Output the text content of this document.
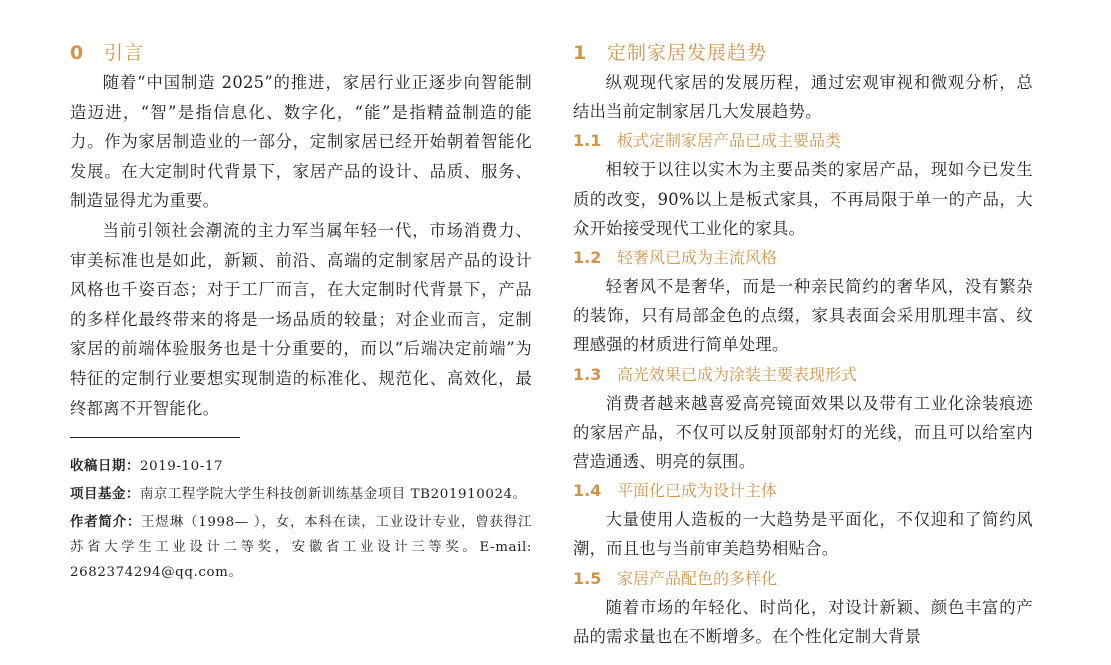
0 引言
随着“中国制造 2025”的推进，家居行业正逐步向智能制造迈进，“智”是指信息化、数字化，“能”是指精益制造的能力。作为家居制造业的一部分，定制家居已经开始朝着智能化发展。在大定制时代背景下，家居产品的设计、品质、服务、制造显得尤为重要。
当前引领社会潮流的主力军当属年轻一代，市场消费力、审美标准也是如此，新颖、前沿、高端的定制家居产品的设计风格也千姿百态；对于工厂而言，在大定制时代背景下，产品的多样化最终带来的将是一场品质的较量；对企业而言，定制家居的前端体验服务也是十分重要的，而以“后端决定前端”为特征的定制行业要想实现制造的标准化、规范化、高效化，最终都离不开智能化。
收稿日期：2019-10-17
项目基金：南京工程学院大学生科技创新训练基金项目 TB201910024。
作者简介：王煜琳（1998— ），女，本科在读，工业设计专业，曾获得江苏省大学生工业设计二等奖，安徽省工业设计三等奖。E-mail: 2682374294@qq.com。
1 定制家居发展趋势
纵观现代家居的发展历程，通过宏观审视和微观分析，总结出当前定制家居几大发展趋势。
1.1 板式定制家居产品已成主要品类
相较于以往以实木为主要品类的家居产品，现如今已发生质的改变，90%以上是板式家具，不再局限于单一的产品，大众开始接受现代工业化的家具。
1.2 轻奢风已成为主流风格
轻奢风不是奢华，而是一种亲民简约的奢华风，没有繁杂的装饰，只有局部金色的点缀，家具表面会采用肌理丰富、纹理感强的材质进行简单处理。
1.3 高光效果已成为涂装主要表现形式
消费者越来越喜爱高亮镜面效果以及带有工业化涂装痕迹的家居产品，不仅可以反射顶部射灯的光线，而且可以给室内营造通透、明亮的氛围。
1.4 平面化已成为设计主体
大量使用人造板的一大趋势是平面化，不仅迎和了简约风潮，而且也与当前审美趋势相贴合。
1.5 家居产品配色的多样化
随着市场的年轻化、时尚化，对设计新颖、颜色丰富的产品的需求量也在不断增多。在个性化定制大背景
